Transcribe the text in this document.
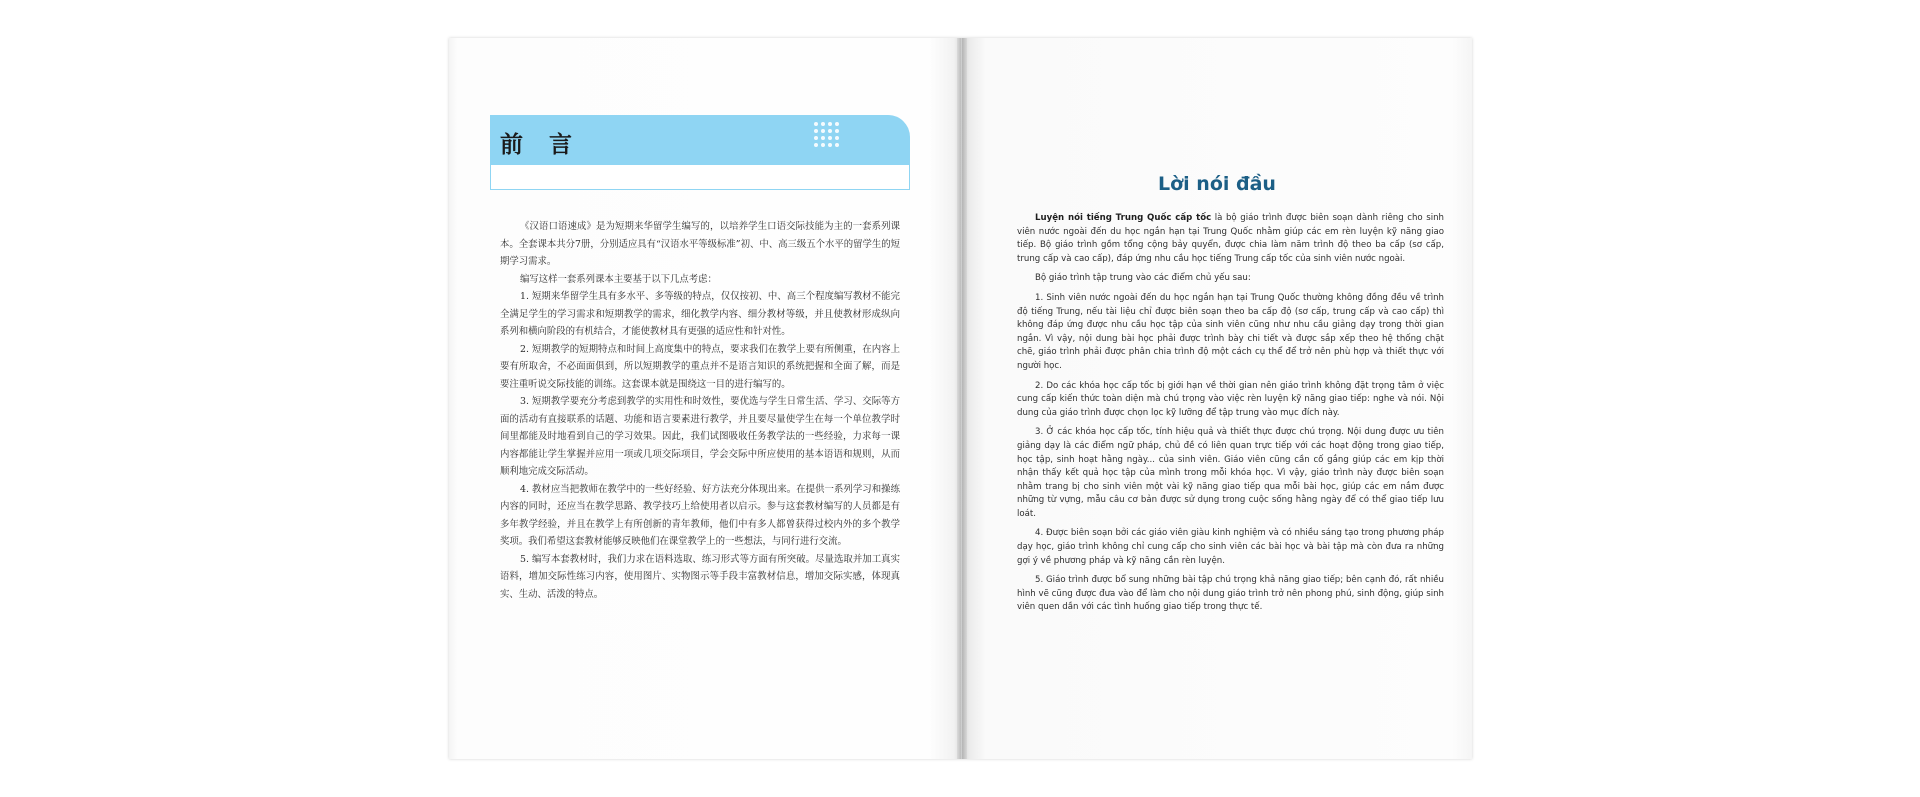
前 言

《汉语口语速成》是为短期来华留学生编写的，以培养学生口语交际技能为主的一套系列课本。全套课本共分7册，分别适应具有“汉语水平等级标准”初、中、高三级五个水平的留学生的短期学习需求。

编写这样一套系列课本主要基于以下几点考虑：

1. 短期来华留学生具有多水平、多等级的特点，仅仅按初、中、高三个程度编写教材不能完全满足学生的学习需求和短期教学的需求，细化教学内容、细分教材等级，并且使教材形成纵向系列和横向阶段的有机结合，才能使教材具有更强的适应性和针对性。

2. 短期教学的短期特点和时间上高度集中的特点，要求我们在教学上要有所侧重，在内容上要有所取舍，不必面面俱到，所以短期教学的重点并不是语言知识的系统把握和全面了解，而是要注重听说交际技能的训练。这套课本就是围绕这一目的进行编写的。

3. 短期教学要充分考虑到教学的实用性和时效性，要优选与学生日常生活、学习、交际等方面的活动有直接联系的话题、功能和语言要素进行教学，并且要尽量使学生在每一个单位教学时间里都能及时地看到自己的学习效果。因此，我们试图吸收任务教学法的一些经验，力求每一课内容都能让学生掌握并应用一项或几项交际项目，学会交际中所应使用的基本语语和规则，从而顺利地完成交际活动。

4. 教材应当把教师在教学中的一些好经验、好方法充分体现出来。在提供一系列学习和操练内容的同时，还应当在教学思路、教学技巧上给使用者以启示。参与这套教材编写的人员都是有多年教学经验，并且在教学上有所创新的青年教师，他们中有多人都曾获得过校内外的多个教学奖项。我们希望这套教材能够反映他们在课堂教学上的一些想法，与同行进行交流。

5. 编写本套教材时，我们力求在语料选取、练习形式等方面有所突破。尽量选取并加工真实语料，增加交际性练习内容，使用图片、实物图示等手段丰富教材信息，增加交际实感，体现真实、生动、活泼的特点。

Lời nói đầu

Luyện nói tiếng Trung Quốc cấp tốc là bộ giáo trình được biên soạn dành riêng cho sinh viên nước ngoài đến du học ngắn hạn tại Trung Quốc nhằm giúp các em rèn luyện kỹ năng giao tiếp. Bộ giáo trình gồm tổng cộng bảy quyển, được chia làm năm trình độ theo ba cấp (sơ cấp, trung cấp và cao cấp), đáp ứng nhu cầu học tiếng Trung cấp tốc của sinh viên nước ngoài.

Bộ giáo trình tập trung vào các điểm chủ yếu sau:

1. Sinh viên nước ngoài đến du học ngắn hạn tại Trung Quốc thường không đồng đều về trình độ tiếng Trung, nếu tài liệu chỉ được biên soạn theo ba cấp độ (sơ cấp, trung cấp và cao cấp) thì không đáp ứng được nhu cầu học tập của sinh viên cũng như nhu cầu giảng dạy trong thời gian ngắn. Vì vậy, nội dung bài học phải được trình bày chi tiết và được sắp xếp theo hệ thống chặt chẽ, giáo trình phải được phân chia trình độ một cách cụ thể để trở nên phù hợp và thiết thực với người học.

2. Do các khóa học cấp tốc bị giới hạn về thời gian nên giáo trình không đặt trọng tâm ở việc cung cấp kiến thức toàn diện mà chú trọng vào việc rèn luyện kỹ năng giao tiếp: nghe và nói. Nội dung của giáo trình được chọn lọc kỹ lưỡng để tập trung vào mục đích này.

3. Ở các khóa học cấp tốc, tính hiệu quả và thiết thực được chú trọng. Nội dung được ưu tiên giảng dạy là các điểm ngữ pháp, chủ đề có liên quan trực tiếp với các hoạt động trong giao tiếp, học tập, sinh hoạt hằng ngày... của sinh viên. Giáo viên cũng cần cố gắng giúp các em kịp thời nhận thấy kết quả học tập của mình trong mỗi khóa học. Vì vậy, giáo trình này được biên soạn nhằm trang bị cho sinh viên một vài kỹ năng giao tiếp qua mỗi bài học, giúp các em nắm được những từ vựng, mẫu câu cơ bản được sử dụng trong cuộc sống hằng ngày để có thể giao tiếp lưu loát.

4. Được biên soạn bởi các giáo viên giàu kinh nghiệm và có nhiều sáng tạo trong phương pháp dạy học, giáo trình không chỉ cung cấp cho sinh viên các bài học và bài tập mà còn đưa ra những gợi ý về phương pháp và kỹ năng cần rèn luyện.

5. Giáo trình được bổ sung những bài tập chú trọng khả năng giao tiếp; bên cạnh đó, rất nhiều hình vẽ cũng được đưa vào để làm cho nội dung giáo trình trở nên phong phú, sinh động, giúp sinh viên quen dần với các tình huống giao tiếp trong thực tế.
